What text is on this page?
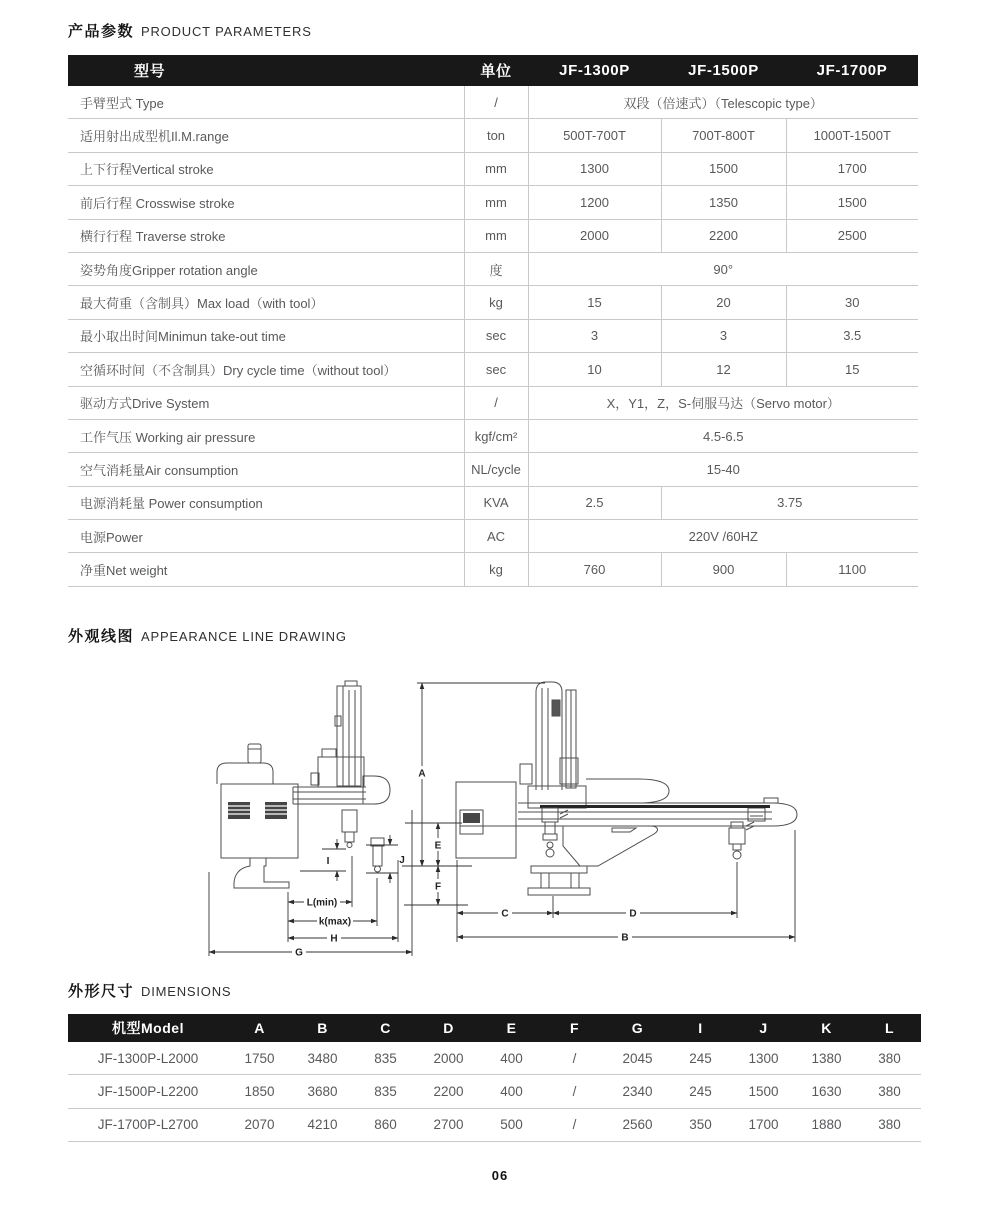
产品参数 PRODUCT PARAMETERS
型号	单位	JF-1300P	JF-1500P	JF-1700P
手臂型式 Type	/	双段（倍速式）（Telescopic type）		
适用射出成型机Il.M.range	ton	500T-700T	700T-800T	1000T-1500T
上下行程Vertical stroke	mm	1300	1500	1700
前后行程 Crosswise stroke	mm	1200	1350	1500
横行行程 Traverse stroke	mm	2000	2200	2500
姿势角度Gripper rotation angle	度	90°		
最大荷重（含制具）Max load（with tool）	kg	15	20	30
最小取出时间Minimun take-out time	sec	3	3	3.5
空循环时间（不含制具）Dry cycle time（without tool）	sec	10	12	15
驱动方式Drive System	/	X，Y1，Z，S-伺服马达（Servo motor）		
工作气压 Working air pressure	kgf/cm²	4.5-6.5		
空气消耗量Air consumption	NL/cycle	15-40		
电源消耗量 Power consumption	KVA	2.5	3.75	
电源Power	AC	220V /60HZ		
净重Net weight	kg	760	900	1100
外观线图 APPEARANCE LINE DRAWING
L(min)
k(max)
H
G
I	J
A
E
F
C	D
B
外形尺寸 DIMENSIONS
机型Model	A	B	C	D	E	F	G	I	J	K	L
JF-1300P-L2000	1750	3480	835	2000	400	/	2045	245	1300	1380	380
JF-1500P-L2200	1850	3680	835	2200	400	/	2340	245	1500	1630	380
JF-1700P-L2700	2070	4210	860	2700	500	/	2560	350	1700	1880	380
06
